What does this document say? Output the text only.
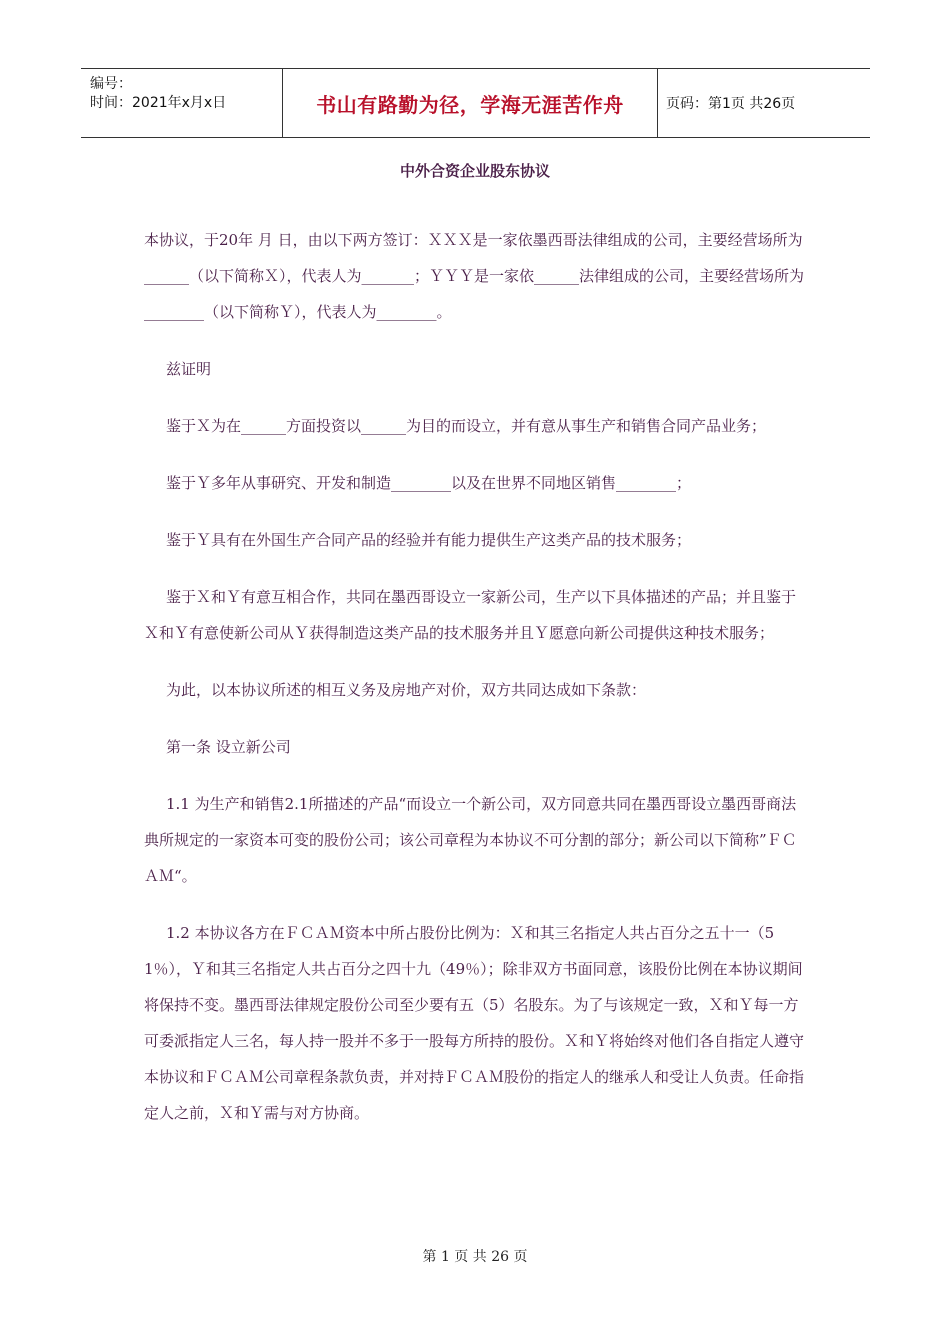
编号：
时间：2021年x月x日	书山有路勤为径，学海无涯苦作舟	页码：第1页 共26页
中外合资企业股东协议

本协议，于20年 月 日，由以下两方签订：ＸＸＸ是一家依墨西哥法律组成的公司，主要经营场所为______（以下简称Ｘ），代表人为_______；ＹＹＹ是一家依______法律组成的公司，主要经营场所为________（以下简称Ｙ），代表人为________。

兹证明

鉴于Ｘ为在______方面投资以______为目的而设立，并有意从事生产和销售合同产品业务；

鉴于Ｙ多年从事研究、开发和制造________以及在世界不同地区销售________；

鉴于Ｙ具有在外国生产合同产品的经验并有能力提供生产这类产品的技术服务；

鉴于Ｘ和Ｙ有意互相合作，共同在墨西哥设立一家新公司，生产以下具体描述的产品；并且鉴于Ｘ和Ｙ有意使新公司从Ｙ获得制造这类产品的技术服务并且Ｙ愿意向新公司提供这种技术服务；

为此，以本协议所述的相互义务及房地产对价，双方共同达成如下条款：

第一条 设立新公司

1.1 为生产和销售2.1所描述的产品“而设立一个新公司，双方同意共同在墨西哥设立墨西哥商法典所规定的一家资本可变的股份公司；该公司章程为本协议不可分割的部分；新公司以下简称”ＦＣＡＭ“。

1.2 本协议各方在ＦＣＡＭ资本中所占股份比例为：Ｘ和其三名指定人共占百分之五十一（51％），Ｙ和其三名指定人共占百分之四十九（49％）；除非双方书面同意，该股份比例在本协议期间将保持不变。墨西哥法律规定股份公司至少要有五（5）名股东。为了与该规定一致，Ｘ和Ｙ每一方可委派指定人三名，每人持一股并不多于一股每方所持的股份。Ｘ和Ｙ将始终对他们各自指定人遵守本协议和ＦＣＡＭ公司章程条款负责，并对持ＦＣＡＭ股份的指定人的继承人和受让人负责。任命指定人之前，Ｘ和Ｙ需与对方协商。

第 1 页 共 26 页
